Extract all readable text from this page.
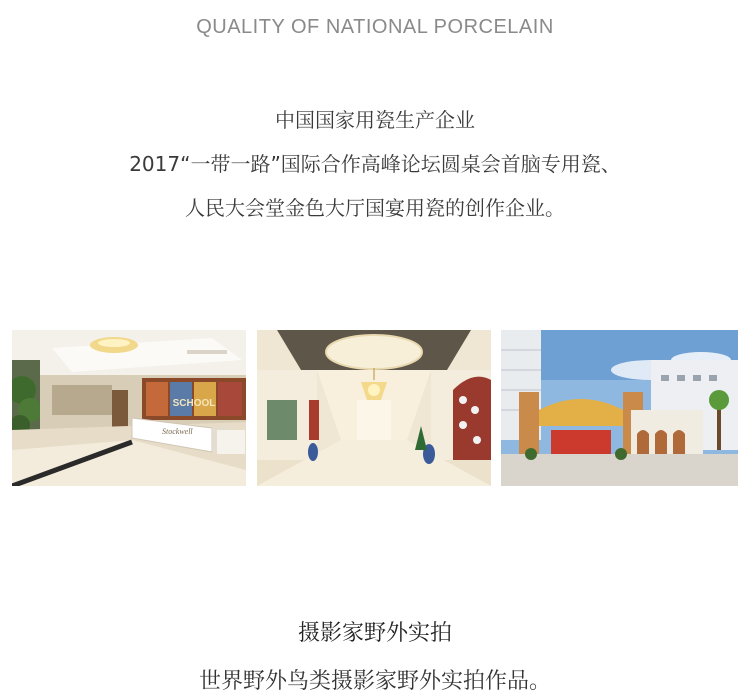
QUALITY OF NATIONAL PORCELAIN
中国国家用瓷生产企业
2017“一带一路”国际合作高峰论坛圆桌会首脑专用瓷、
人民大会堂金色大厅国宴用瓷的创作企业。
SCHOOL
Stockwell
摄影家野外实拍
世界野外鸟类摄影家野外实拍作品。
